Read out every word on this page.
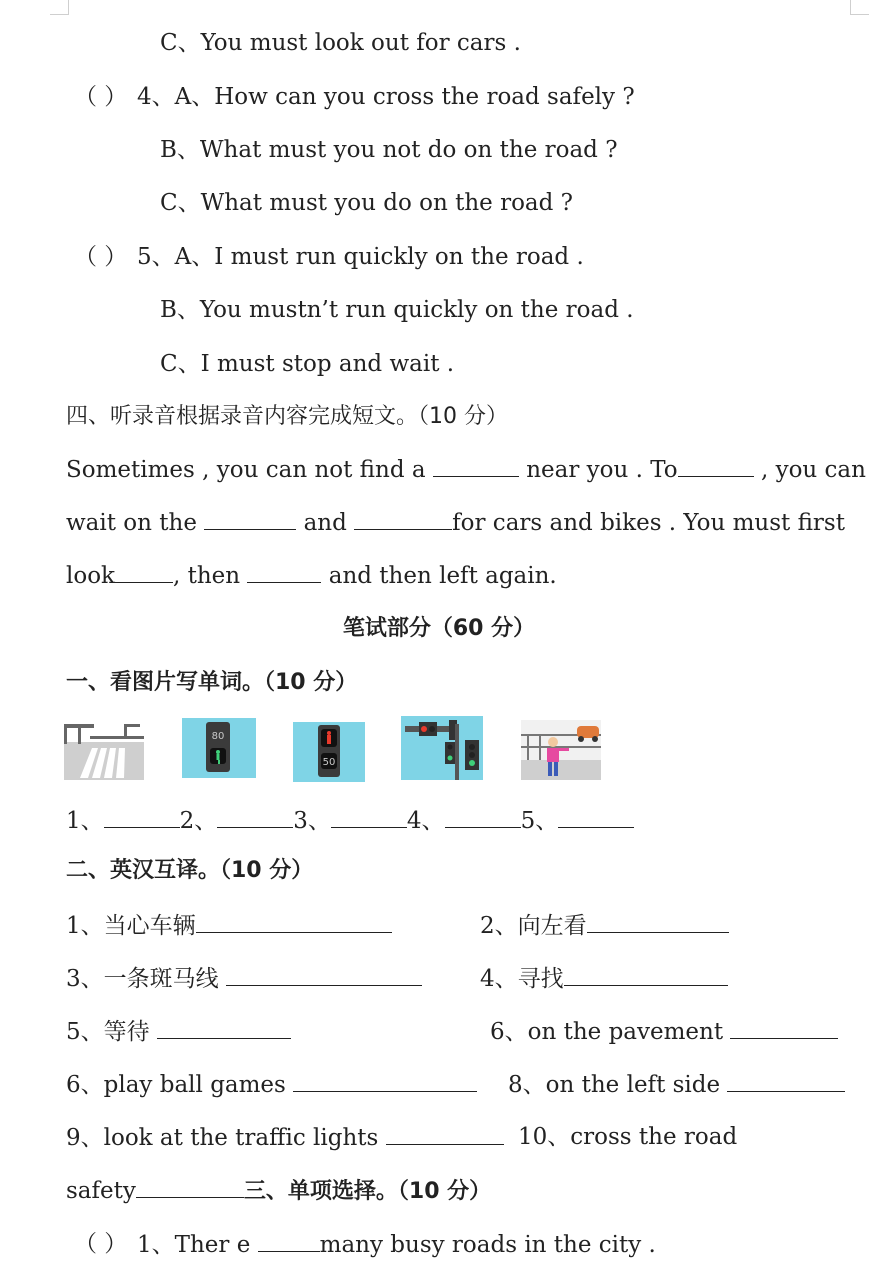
C、You must look out for cars .
（ ） 4、A、How can you cross the road safely ?
B、What must you not do on the road ?
C、What must you do on the road ?
（ ） 5、A、I must run quickly on the road .
B、You mustn’t run quickly on the road .
C、I must stop and wait .
四、听录音根据录音内容完成短文。（10 分）
Sometimes , you can not find a	near you . To	, you can
wait on the	and	for cars and bikes . You must first
look	, then	and then left again.
笔试部分（60 分）
一、看图片写单词。（10 分）
80
50
1、	2、	3、	4、	5、
二、英汉互译。（10 分）
1、当心车辆	2、向左看
3、一条斑马线	4、寻找
5、等待	6、on the pavement
6、play ball games	8、on the left side
9、look at the traffic lights	10、cross the road
safety	三、单项选择。（10 分）
（ ） 1、Ther e	many busy roads in the city .
